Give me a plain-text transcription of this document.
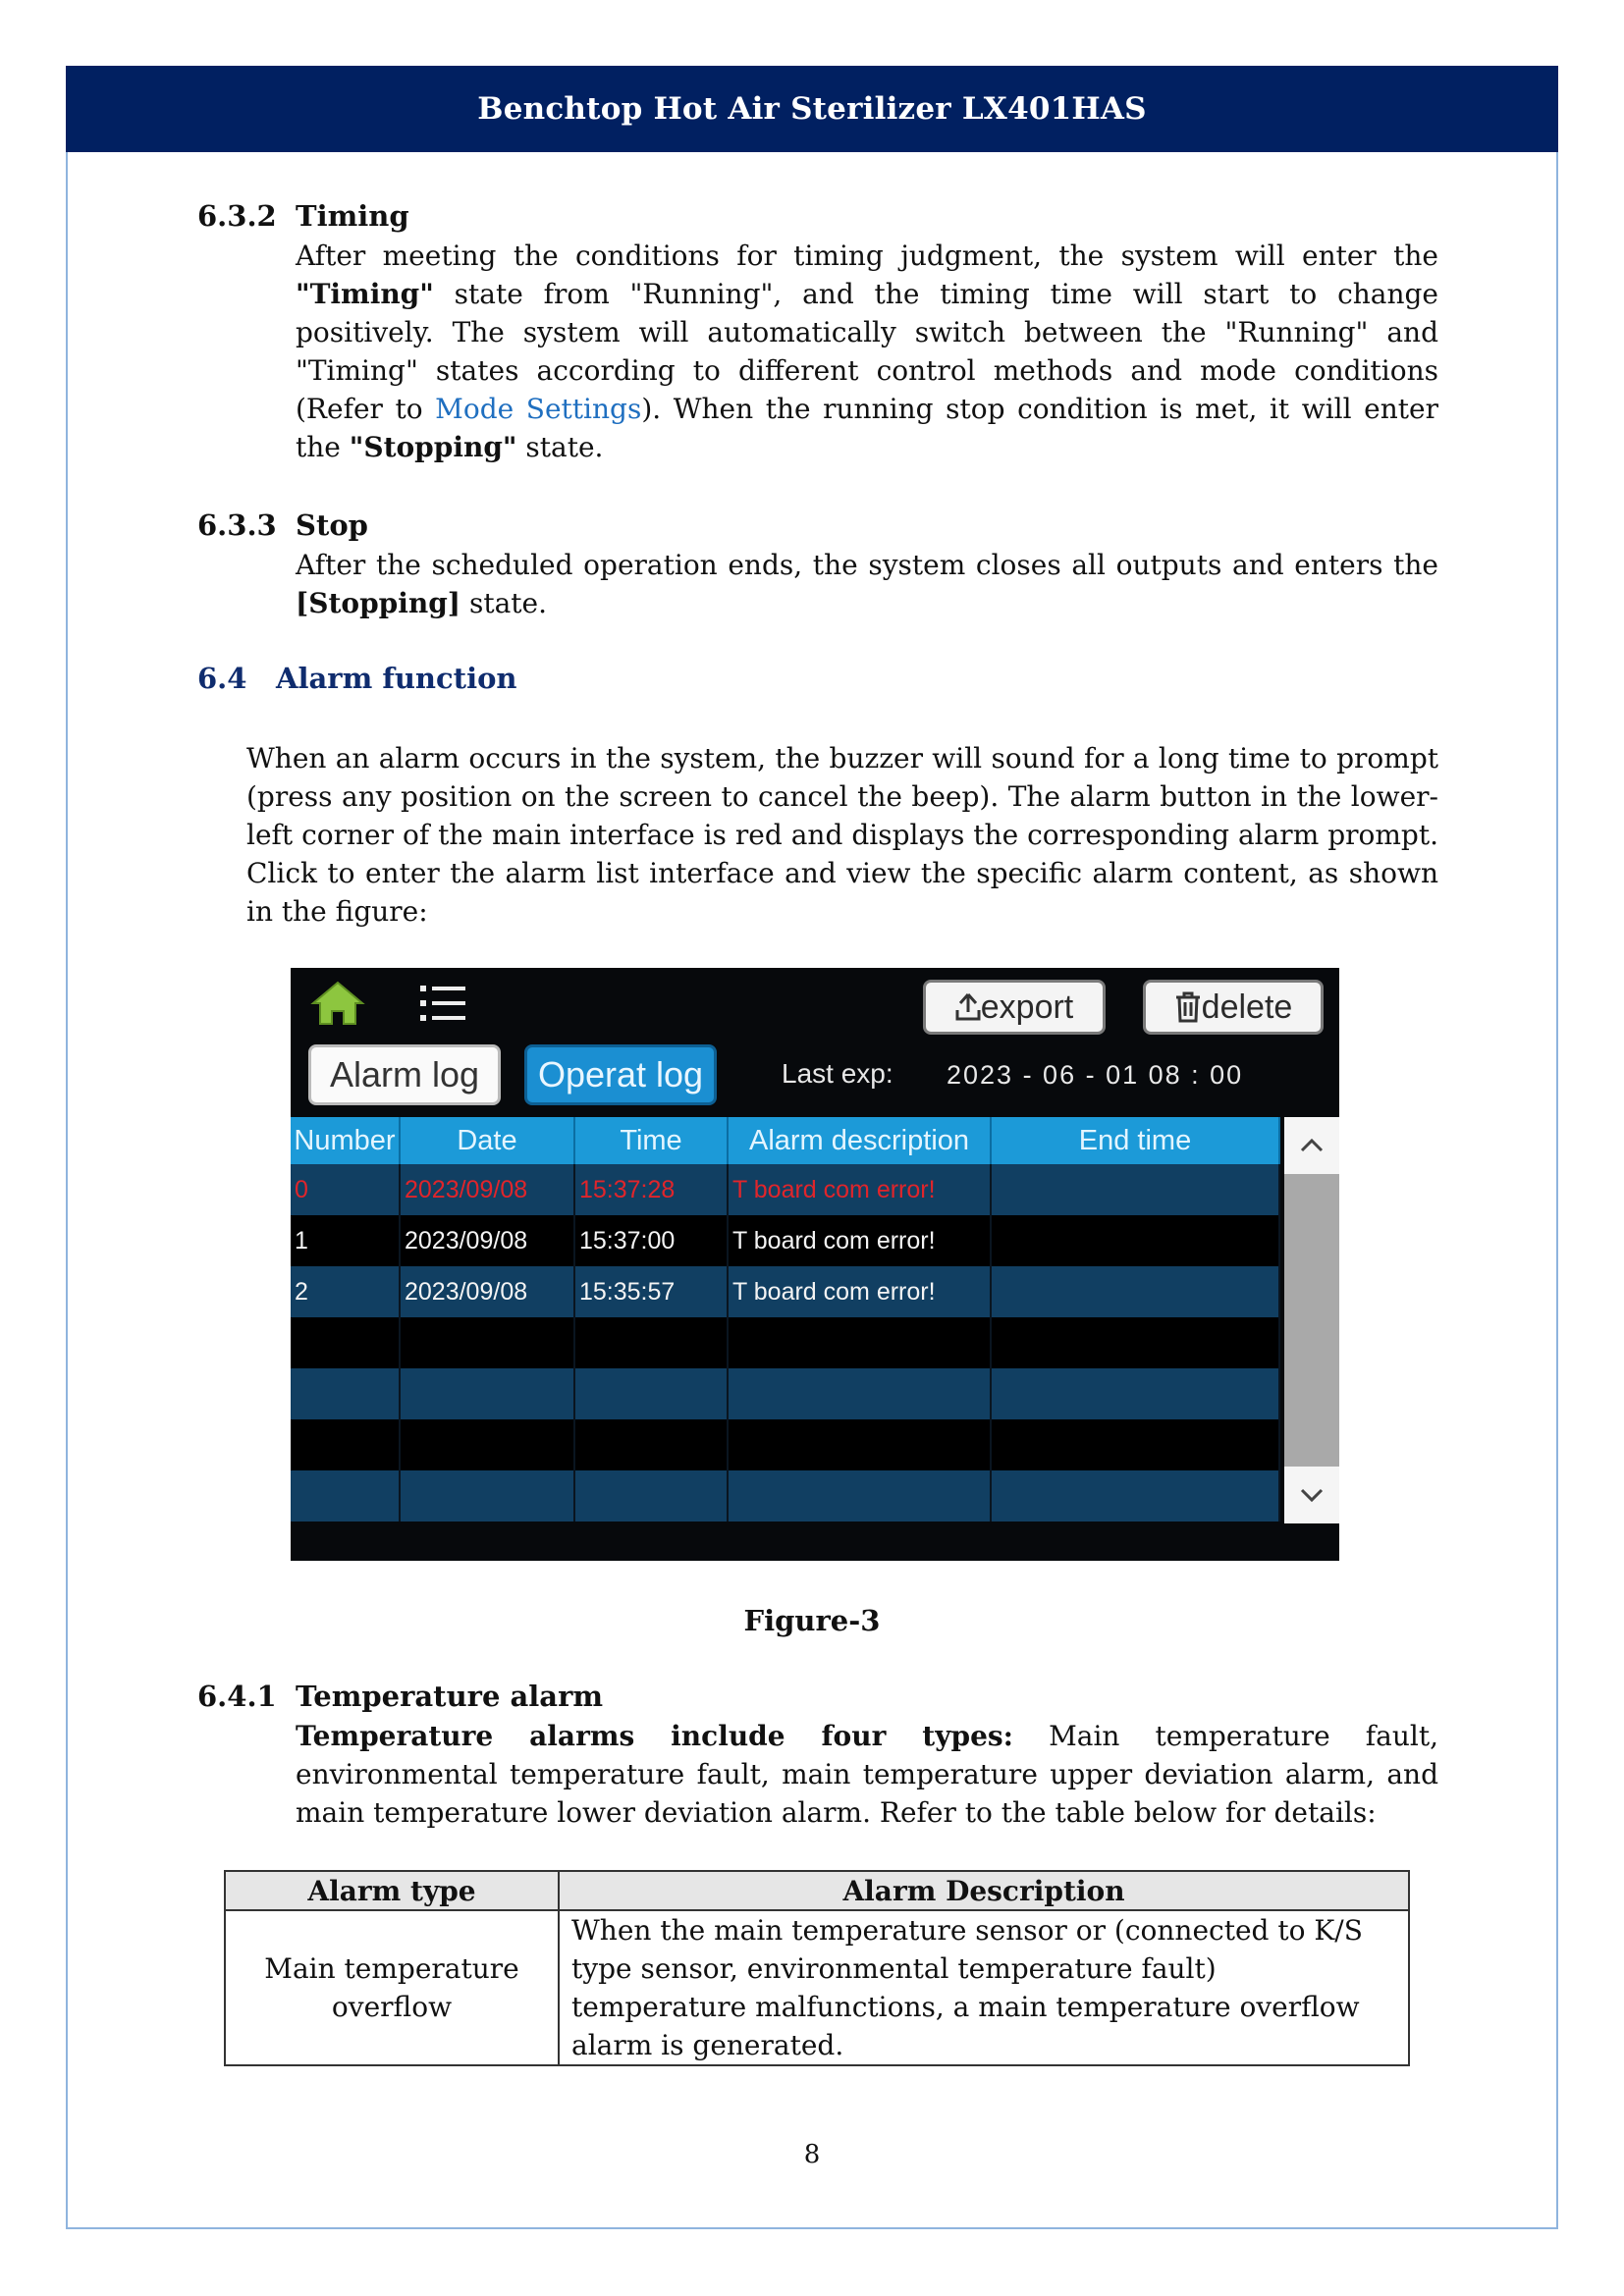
Benchtop Hot Air Sterilizer LX401HAS
6.3.2 Timing
After meeting the conditions for timing judgment, the system will enter the "Timing" state from "Running", and the timing time will start to change positively. The system will automatically switch between the "Running" and "Timing" states according to different control methods and mode conditions (Refer to Mode Settings). When the running stop condition is met, it will enter the "Stopping" state.
6.3.3 Stop
After the scheduled operation ends, the system closes all outputs and enters the [Stopping] state.
6.4 Alarm function
When an alarm occurs in the system, the buzzer will sound for a long time to prompt (press any position on the screen to cancel the beep). The alarm button in the lower-left corner of the main interface is red and displays the corresponding alarm prompt. Click to enter the alarm list interface and view the specific alarm content, as shown in the figure:
export	delete
Alarm log	Operat log	Last exp: 2023 - 06 - 01 08 : 00
Number	Date	Time	Alarm description	End time
0	2023/09/08	15:37:28	T board com error!
1	2023/09/08	15:37:00	T board com error!
2	2023/09/08	15:35:57	T board com error!
Figure-3
6.4.1 Temperature alarm
Temperature alarms include four types: Main temperature fault, environmental temperature fault, main temperature upper deviation alarm, and main temperature lower deviation alarm. Refer to the table below for details:
Alarm type	Alarm Description

Main temperature overflow	When the main temperature sensor or (connected to K/S type sensor, environmental temperature fault) temperature malfunctions, a main temperature overflow alarm is generated.
8
